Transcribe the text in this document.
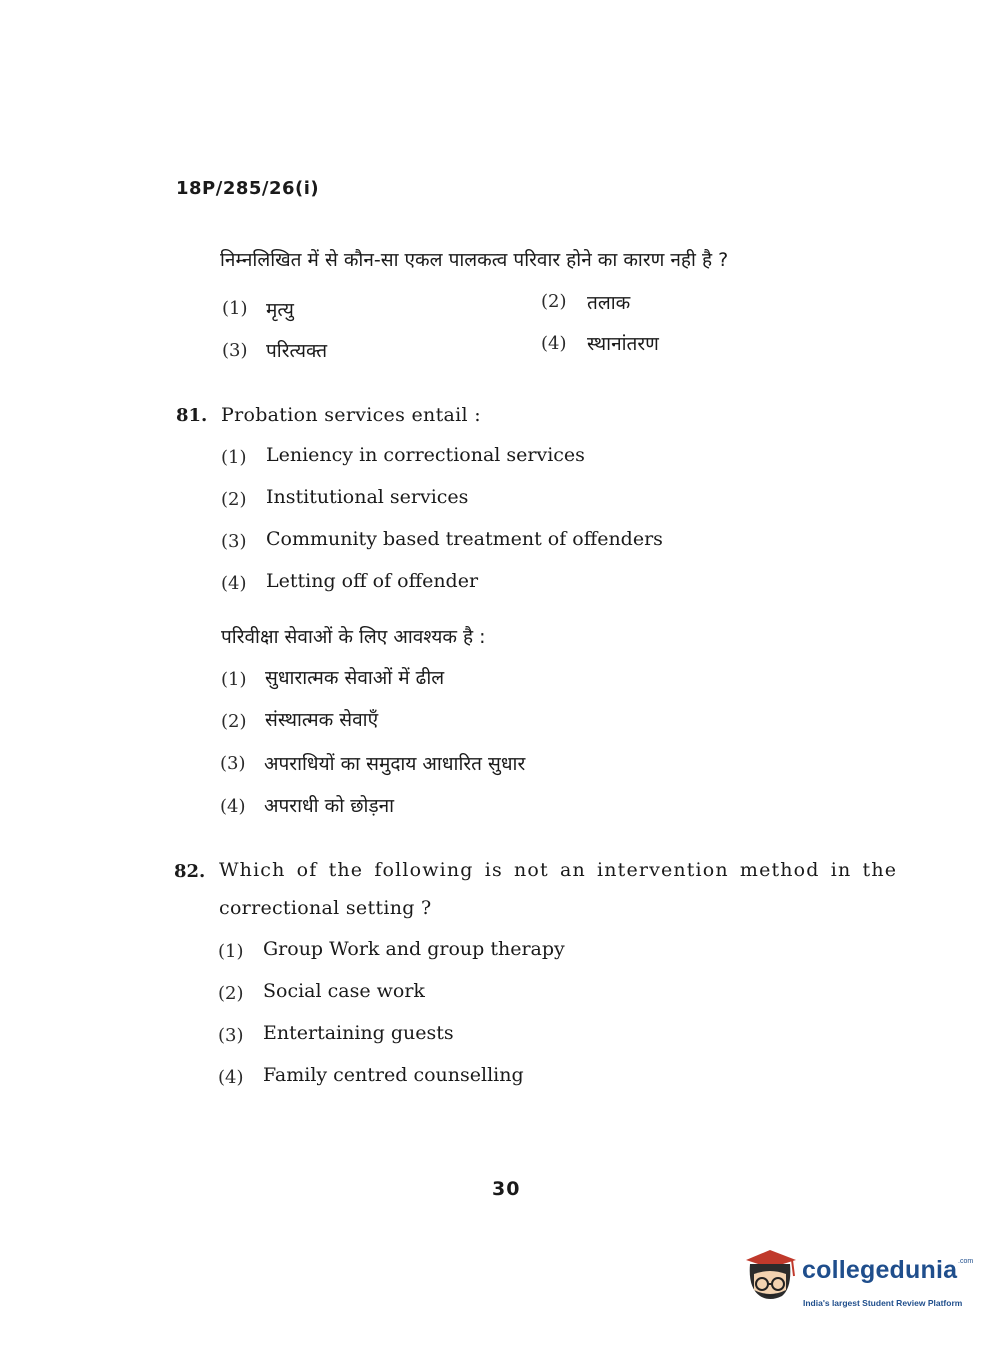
18P/285/26(i)
निम्नलिखित में से कौन-सा एकल पालकत्व परिवार होने का कारण नही है ?
(1) मृत्यु	(2) तलाक
(3) परित्यक्त	(4) स्थानांतरण
81. Probation services entail :
(1) Leniency in correctional services
(2) Institutional services
(3) Community based treatment of offenders
(4) Letting off of offender
परिवीक्षा सेवाओं के लिए आवश्यक है :
(1) सुधारात्मक सेवाओं में ढील
(2) संस्थात्मक सेवाएँ
(3) अपराधियों का समुदाय आधारित सुधार
(4) अपराधी को छोड़ना
82. Which of the following is not an intervention method in the
correctional setting ?
(1) Group Work and group therapy
(2) Social case work
(3) Entertaining guests
(4) Family centred counselling
30
collegedunia .com
India's largest Student Review Platform
